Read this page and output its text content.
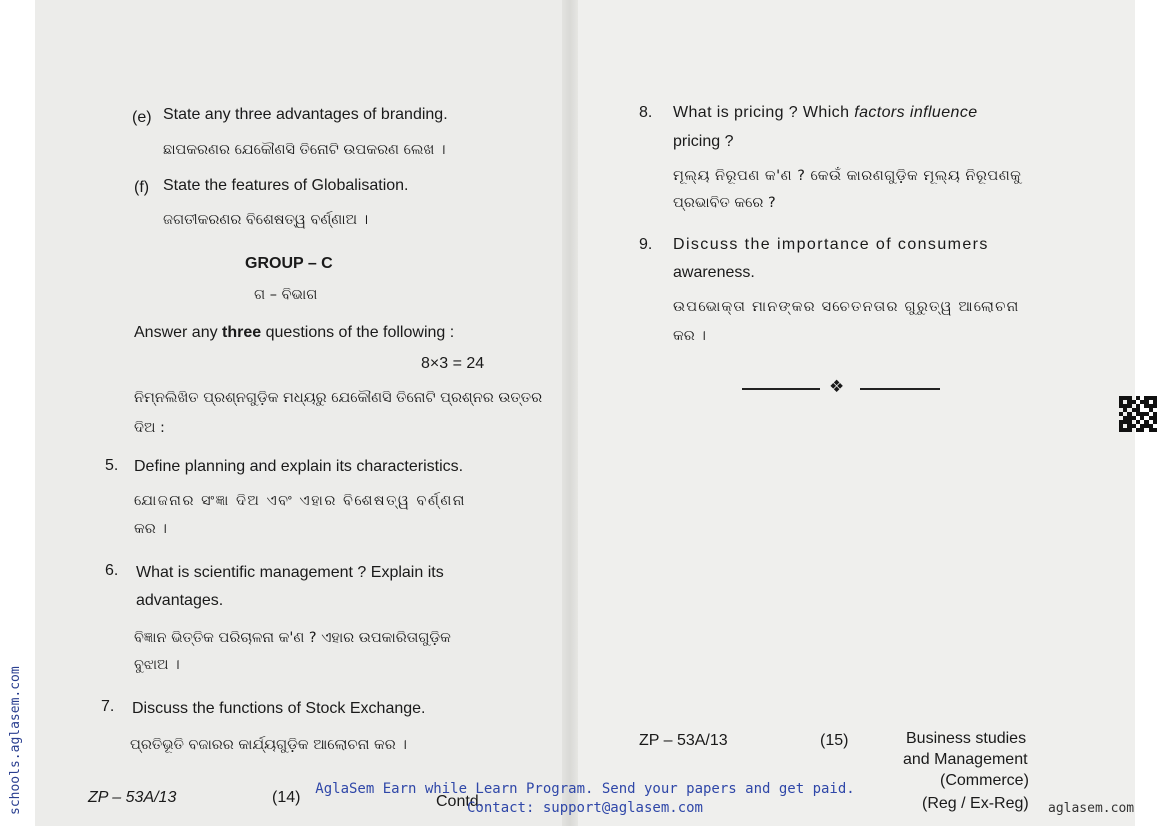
(e) State any three advantages of branding.
ଛାପକରଣର ଯେକୌଣସି ତିନୋଟି ଉପକରଣ ଲେଖ ।
(f) State the features of Globalisation.
ଜଗତୀକରଣର ବିଶେଷତ୍ୱ ବର୍ଣ୍ଣାଅ ।
GROUP – C
ଗ – ବିଭାଗ
Answer any three questions of the following :
8×3 = 24
ନିମ୍ନଲିଖିତ ପ୍ରଶ୍ନଗୁଡ଼ିକ ମଧ୍ୟରୁ ଯେକୌଣସି ତିନୋଟି ପ୍ରଶ୍ନର ଉତ୍ତର
ଦିଅ :
5. Define planning and explain its characteristics.
ଯୋଜନାର ସଂଜ୍ଞା ଦିଅ ଏବଂ ଏହାର ବିଶେଷତ୍ୱ ବର୍ଣ୍ଣନା
କର ।
6. What is scientific management ? Explain its
advantages.
ବିଜ୍ଞାନ ଭିତ୍ତିକ ପରିଚାଳନା କ'ଣ ? ଏହାର ଉପକାରିତାଗୁଡ଼ିକ
ବୁଝାଅ ।
7. Discuss the functions of Stock Exchange.
ପ୍ରତିଭୂତି ବଜାରର କାର୍ଯ୍ୟଗୁଡ଼ିକ ଆଲୋଚନା କର ।
ZP – 53A/13	(14)	Contd.
8. What is pricing ? Which factors influence
pricing ?
ମୂଲ୍ୟ ନିରୂପଣ କ'ଣ ? କେଉଁ କାରଣଗୁଡ଼ିକ ମୂଲ୍ୟ ନିରୂପଣକୁ
ପ୍ରଭାବିତ କରେ ?
9. Discuss the importance of consumers
awareness.
ଉପଭୋକ୍ତା ମାନଙ୍କର ସଚେତନତାର ଗୁରୁତ୍ୱ ଆଲୋଚନା
କର ।
❖
ZP – 53A/13	(15)	Business studies
and Management
(Commerce)
(Reg / Ex-Reg)
schools.aglasem.com	AglaSem Earn while Learn Program. Send your papers and get paid.
Contact: support@aglasem.com	aglasem.com
